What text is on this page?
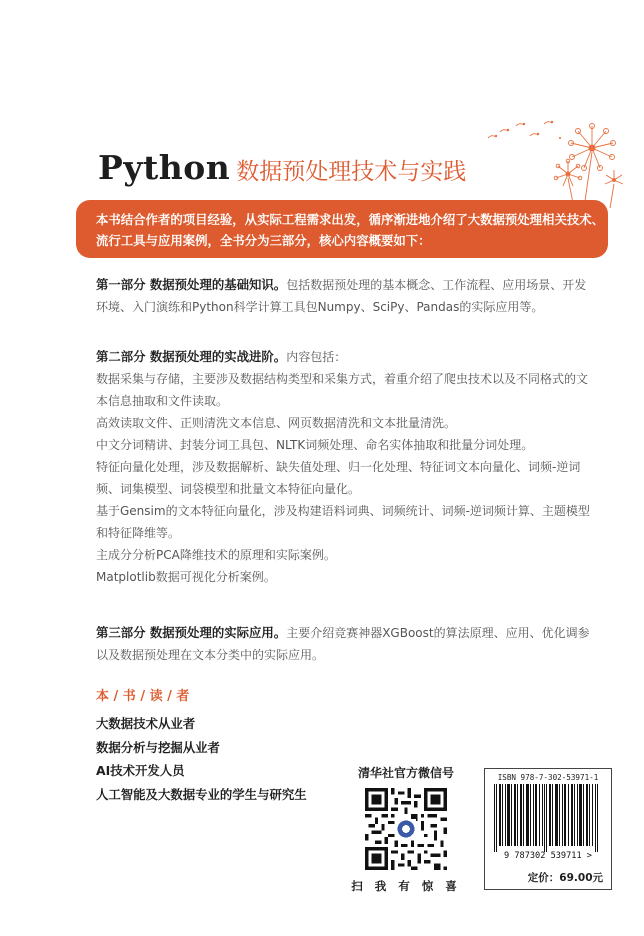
Python 数据预处理技术与实践

本书结合作者的项目经验，从实际工程需求出发，循序渐进地介绍了大数据预处理相关技术、

流行工具与应用案例，全书分为三部分，核心内容概要如下：

第一部分 数据预处理的基础知识。包括数据预处理的基本概念、工作流程、应用场景、开发

环境、入门演练和Python科学计算工具包Numpy、SciPy、Pandas的实际应用等。

第二部分 数据预处理的实战进阶。内容包括：

数据采集与存储，主要涉及数据结构类型和采集方式，着重介绍了爬虫技术以及不同格式的文

本信息抽取和文件读取。

高效读取文件、正则清洗文本信息、网页数据清洗和文本批量清洗。

中文分词精讲、封装分词工具包、NLTK词频处理、命名实体抽取和批量分词处理。

特征向量化处理，涉及数据解析、缺失值处理、归一化处理、特征词文本向量化、词频-逆词

频、词集模型、词袋模型和批量文本特征向量化。

基于Gensim的文本特征向量化，涉及构建语料词典、词频统计、词频-逆词频计算、主题模型

和特征降维等。

主成分分析PCA降维技术的原理和实际案例。

Matplotlib数据可视化分析案例。

第三部分 数据预处理的实际应用。主要介绍竞赛神器XGBoost的算法原理、应用、优化调参

以及数据预处理在文本分类中的实际应用。

本 / 书 / 读 / 者
大数据技术从业者
数据分析与挖掘从业者
AI技术开发人员
人工智能及大数据专业的学生与研究生
清华社官方微信号
扫 我 有 惊 喜
ISBN 978-7-302-53971-1
9 787302 539711 >
定价：69.00元
